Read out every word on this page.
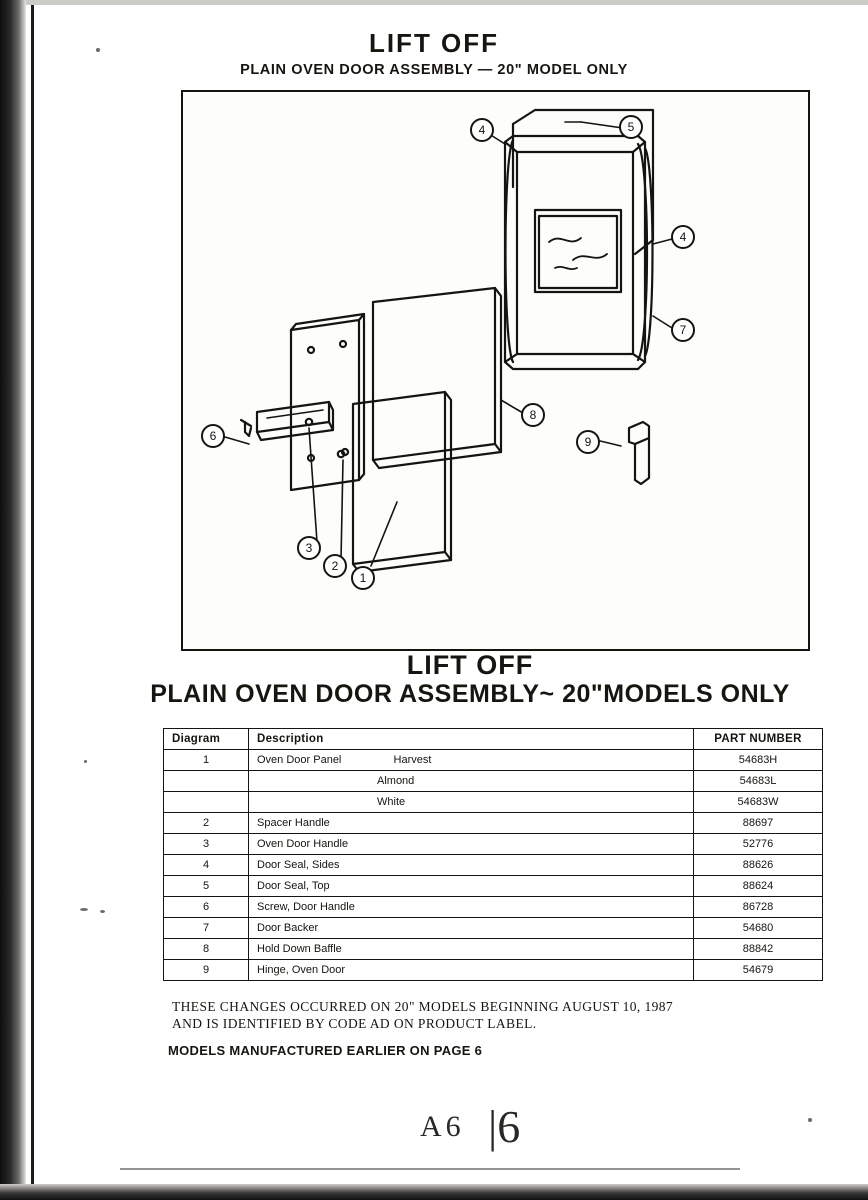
LIFT OFF
PLAIN OVEN DOOR ASSEMBLY — 20" MODEL ONLY
4	5
4
7
8
9
6
3
2
1
LIFT OFF
PLAIN OVEN DOOR ASSEMBLY~ 20"MODELS ONLY
Diagram	Description	PART NUMBER
1	Oven Door Panel Harvest	54683H
	Almond	54683L
	White	54683W
2	Spacer Handle	88697
3	Oven Door Handle	52776
4	Door Seal, Sides	88626
5	Door Seal, Top	88624
6	Screw, Door Handle	86728
7	Door Backer	54680
8	Hold Down Baffle	88842
9	Hinge, Oven Door	54679
THESE CHANGES OCCURRED ON 20" MODELS BEGINNING AUGUST 10, 1987
AND IS IDENTIFIED BY CODE AD ON PRODUCT LABEL.
MODELS MANUFACTURED EARLIER ON PAGE 6
A6 |6
